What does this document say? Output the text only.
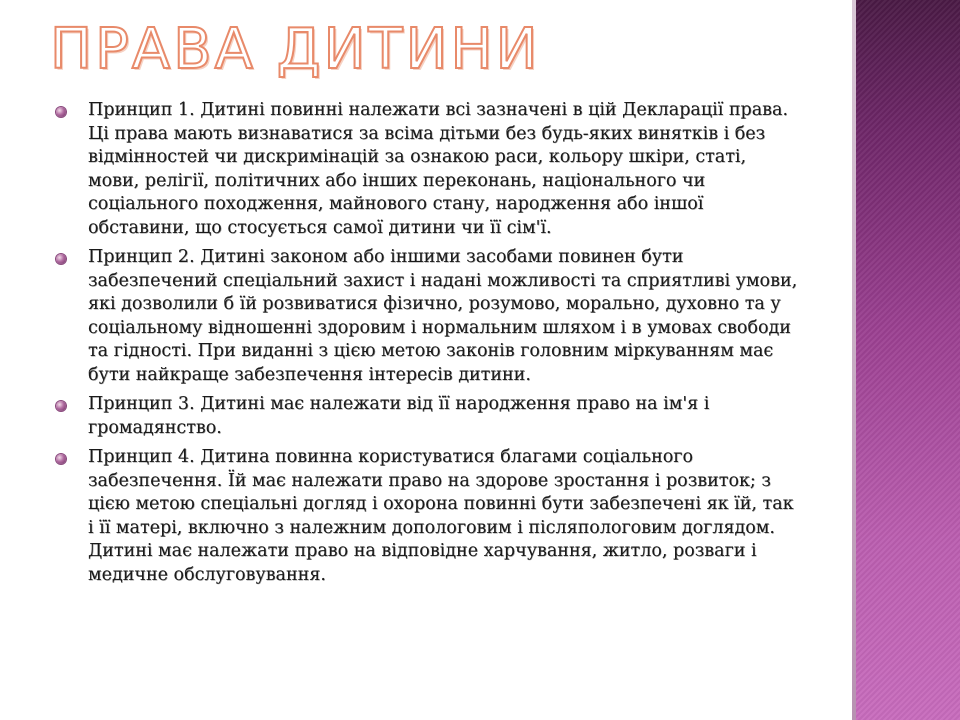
ПРАВА ДИТИНИ
Принцип 1. Дитині повинні належати всі зазначені в цій Декларації права. Ці права мають визнаватися за всіма дітьми без будь-яких винятків і без відмінностей чи дискримінацій за ознакою раси, кольору шкіри, статі, мови, релігії, політичних або інших переконань, національного чи соціального походження, майнового стану, народження або іншої обставини, що стосується самої дитини чи її сім'ї.
Принцип 2. Дитині законом або іншими засобами повинен бути забезпечений спеціальний захист і надані можливості та сприятливі умови, які дозволили б їй розвиватися фізично, розумово, морально, духовно та у соціальному відношенні здоровим і нормальним шляхом і в умовах свободи та гідності. При виданні з цією метою законів головним міркуванням має бути найкраще забезпечення інтересів дитини.
Принцип 3. Дитині має належати від її народження право на ім'я і громадянство.
Принцип 4. Дитина повинна користуватися благами соціального забезпечення. Їй має належати право на здорове зростання і розвиток; з цією метою спеціальні догляд і охорона повинні бути забезпечені як їй, так і її матері, включно з належним допологовим і післяпологовим доглядом. Дитині має належати право на відповідне харчування, житло, розваги і медичне обслуговування.
